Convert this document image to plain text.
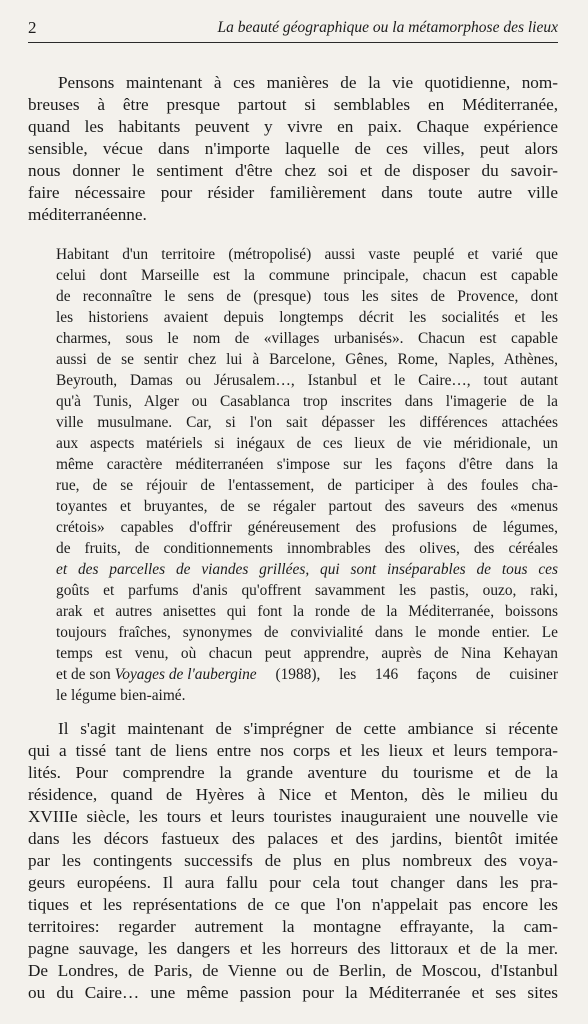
2	La beauté géographique ou la métamorphose des lieux
Pensons maintenant à ces manières de la vie quotidienne, nom-
breuses à être presque partout si semblables en Méditerranée,
quand les habitants peuvent y vivre en paix. Chaque expérience
sensible, vécue dans n'importe laquelle de ces villes, peut alors
nous donner le sentiment d'être chez soi et de disposer du savoir-
faire nécessaire pour résider familièrement dans toute autre ville
méditerranéenne.
Habitant d'un territoire (métropolisé) aussi vaste peuplé et varié que
celui dont Marseille est la commune principale, chacun est capable
de reconnaître le sens de (presque) tous les sites de Provence, dont
les historiens avaient depuis longtemps décrit les socialités et les
charmes, sous le nom de «villages urbanisés». Chacun est capable
aussi de se sentir chez lui à Barcelone, Gênes, Rome, Naples, Athènes,
Beyrouth, Damas ou Jérusalem…, Istanbul et le Caire…, tout autant
qu'à Tunis, Alger ou Casablanca trop inscrites dans l'imagerie de la
ville musulmane. Car, si l'on sait dépasser les différences attachées
aux aspects matériels si inégaux de ces lieux de vie méridionale, un
même caractère méditerranéen s'impose sur les façons d'être dans la
rue, de se réjouir de l'entassement, de participer à des foules cha-
toyantes et bruyantes, de se régaler partout des saveurs des «menus
crétois» capables d'offrir généreusement des profusions de légumes,
de fruits, de conditionnements innombrables des olives, des céréales
et des parcelles de viandes grillées, qui sont inséparables de tous ces
goûts et parfums d'anis qu'offrent savamment les pastis, ouzo, raki,
arak et autres anisettes qui font la ronde de la Méditerranée, boissons
toujours fraîches, synonymes de convivialité dans le monde entier. Le
temps est venu, où chacun peut apprendre, auprès de Nina Kehayan
et de son Voyages de l'aubergine (1988), les 146 façons de cuisiner
le légume bien-aimé.
Il s'agit maintenant de s'imprégner de cette ambiance si récente
qui a tissé tant de liens entre nos corps et les lieux et leurs tempora-
lités. Pour comprendre la grande aventure du tourisme et de la
résidence, quand de Hyères à Nice et Menton, dès le milieu du
XVIIIe siècle, les tours et leurs touristes inauguraient une nouvelle vie
dans les décors fastueux des palaces et des jardins, bientôt imitée
par les contingents successifs de plus en plus nombreux des voya-
geurs européens. Il aura fallu pour cela tout changer dans les pra-
tiques et les représentations de ce que l'on n'appelait pas encore les
territoires: regarder autrement la montagne effrayante, la cam-
pagne sauvage, les dangers et les horreurs des littoraux et de la mer.
De Londres, de Paris, de Vienne ou de Berlin, de Moscou, d'Istanbul
ou du Caire… une même passion pour la Méditerranée et ses sites
